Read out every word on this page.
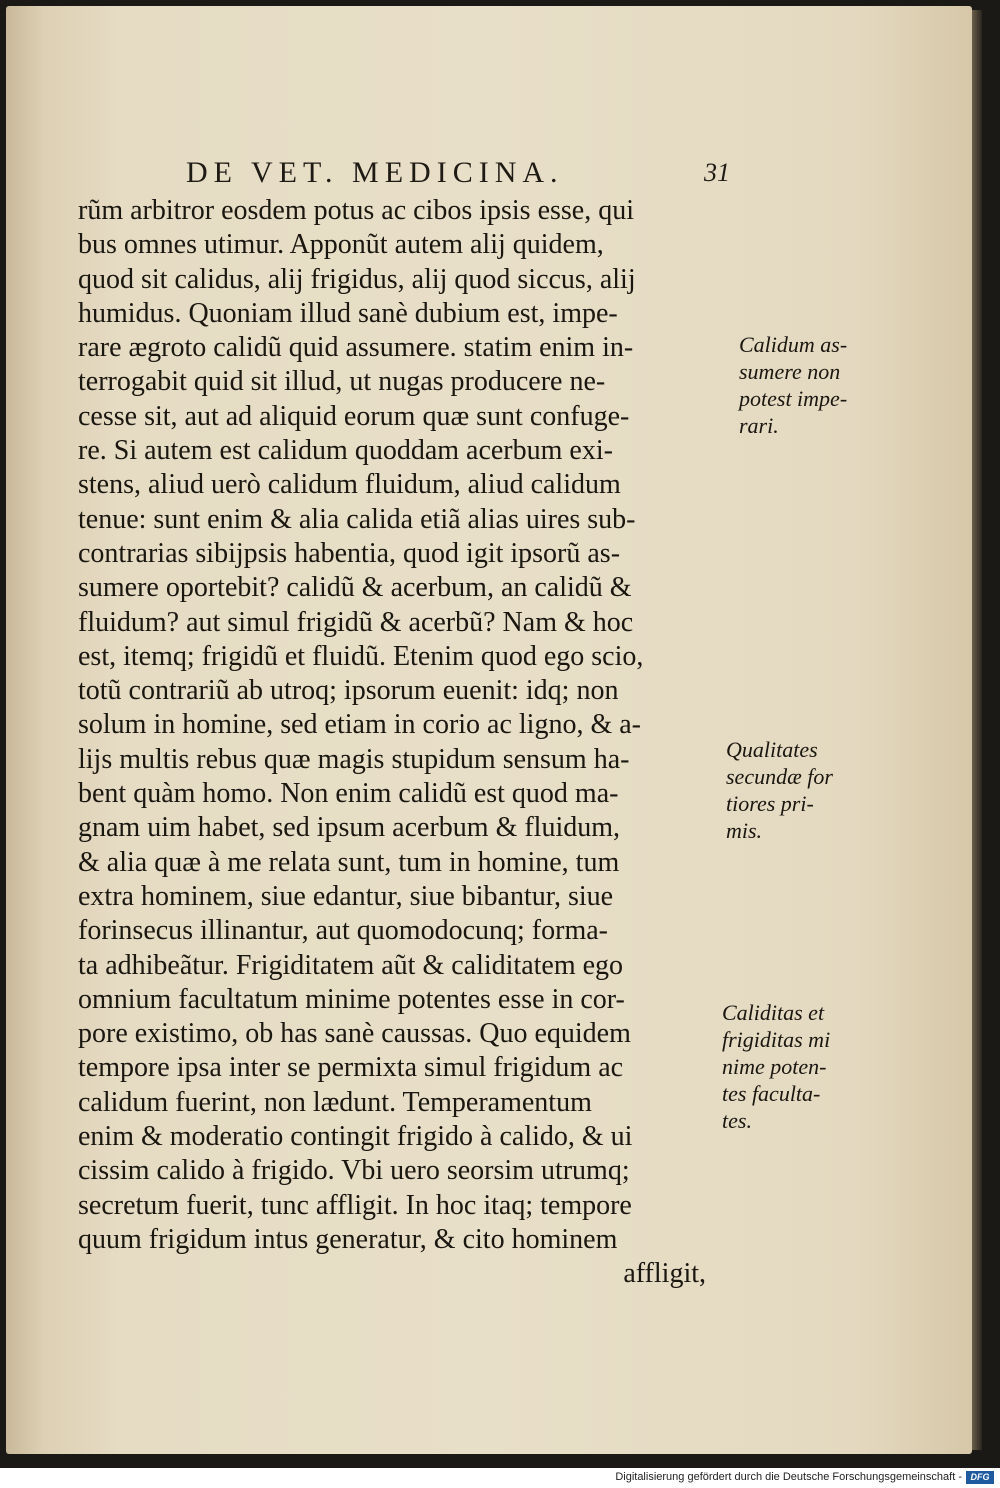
DE VET. MEDICINA.	31
rũm arbitror eosdem potus ac cibos ipsis esse, qui
bus omnes utimur. Apponũt autem alij quidem,
quod sit calidus, alij frigidus, alij quod siccus, alij
humidus. Quoniam illud sanè dubium est, impe-
rare ægroto calidũ quid assumere. statim enim in-
terrogabit quid sit illud, ut nugas producere ne-
cesse sit, aut ad aliquid eorum quæ sunt confuge-
re. Si autem est calidum quoddam acerbum exi-
stens, aliud uerò calidum fluidum, aliud calidum
tenue: sunt enim & alia calida etiã alias uires sub-
contrarias sibijpsis habentia, quod igit ipsorũ as-
sumere oportebit? calidũ & acerbum, an calidũ &
fluidum? aut simul frigidũ & acerbũ? Nam & hoc
est, itemq; frigidũ et fluidũ. Etenim quod ego scio,
totũ contrariũ ab utroq; ipsorum euenit: idq; non
solum in homine, sed etiam in corio ac ligno, & a-
lijs multis rebus quæ magis stupidum sensum ha-
bent quàm homo. Non enim calidũ est quod ma-
gnam uim habet, sed ipsum acerbum & fluidum,
& alia quæ à me relata sunt, tum in homine, tum
extra hominem, siue edantur, siue bibantur, siue
forinsecus illinantur, aut quomodocunq; forma-
ta adhibeãtur. Frigiditatem aũt & caliditatem ego
omnium facultatum minime potentes esse in cor-
pore existimo, ob has sanè caussas. Quo equidem
tempore ipsa inter se permixta simul frigidum ac
calidum fuerint, non lædunt. Temperamentum
enim & moderatio contingit frigido à calido, & ui
cissim calido à frigido. Vbi uero seorsim utrumq;
secretum fuerit, tunc affligit. In hoc itaq; tempore
quum frigidum intus generatur, & cito hominem
affligit,
Calidum as-
sumere non
potest impe-
rari.
Qualitates
secundæ for
tiores pri-
mis.
Caliditas et
frigiditas mi
nime poten-
tes faculta-
tes.
Digitalisierung gefördert durch die Deutsche Forschungsgemeinschaft - DFG
